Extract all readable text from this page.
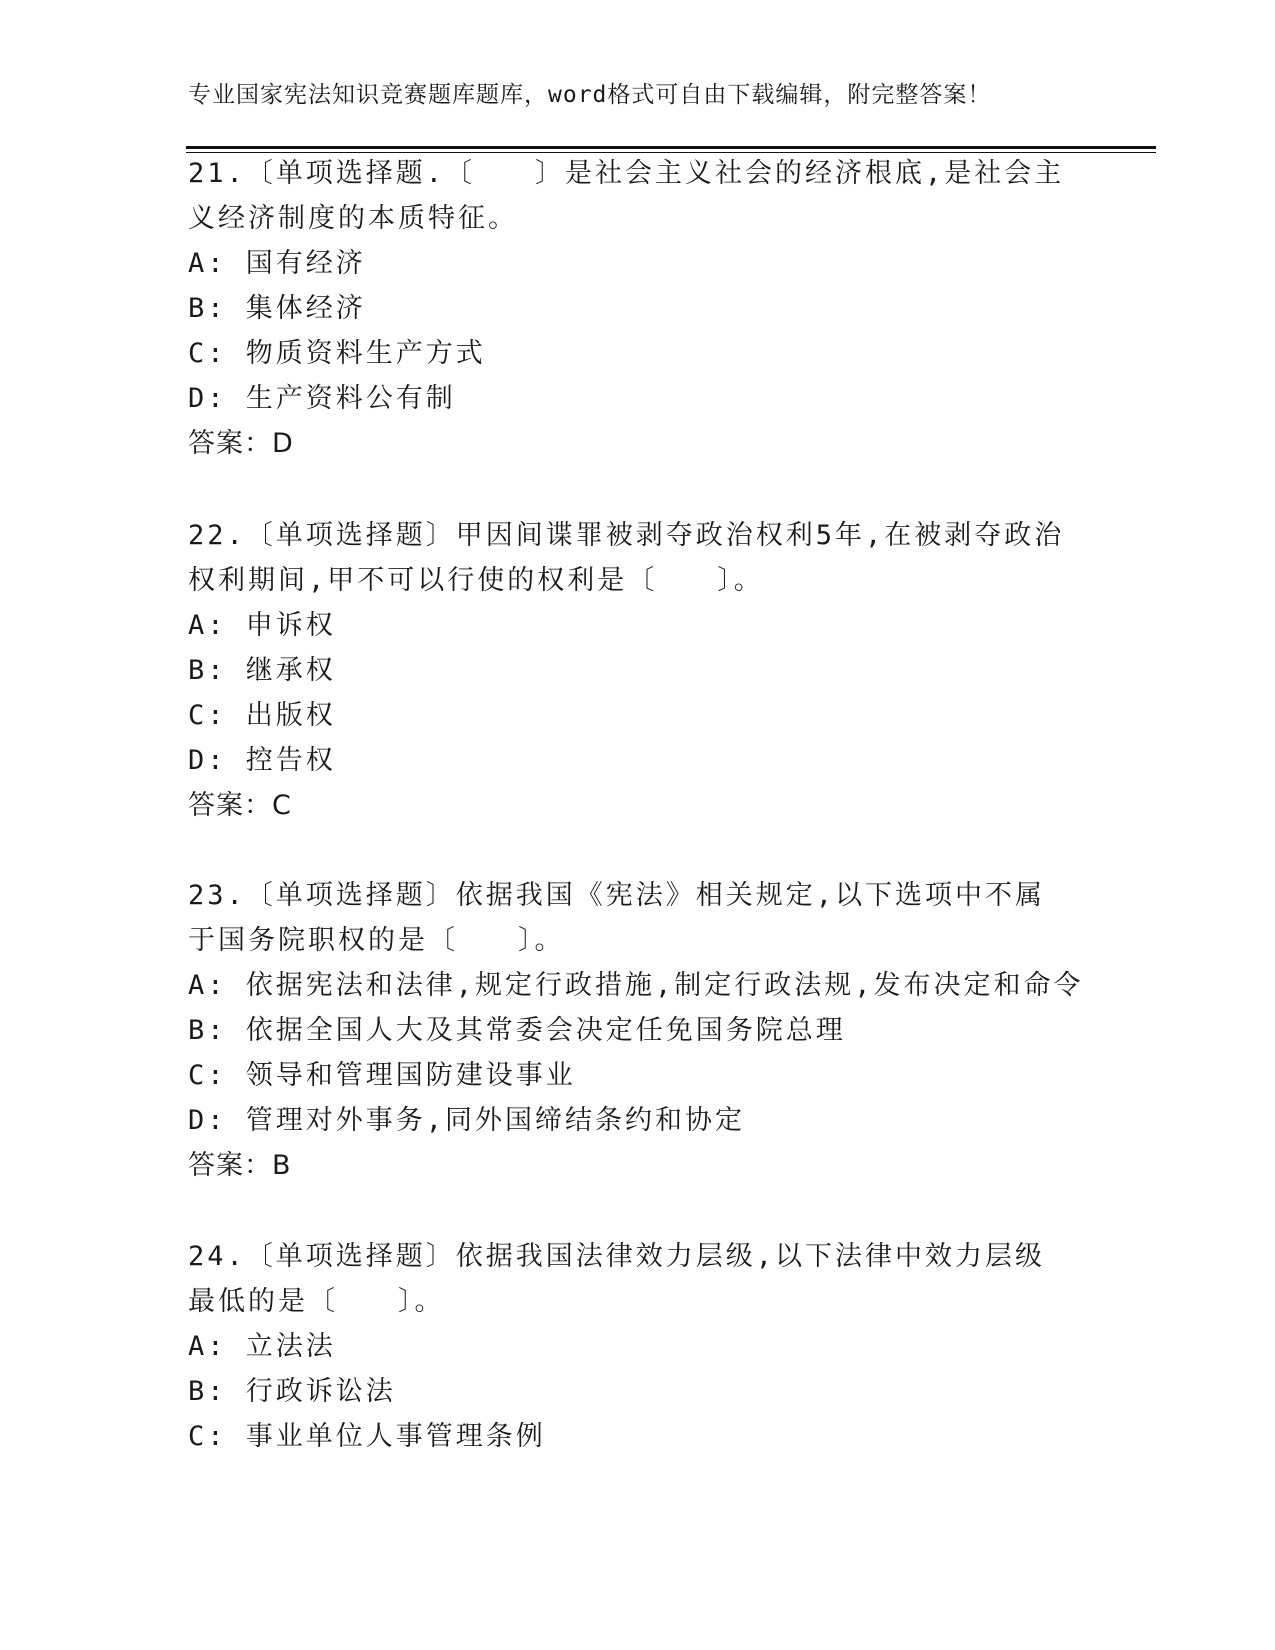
专业国家宪法知识竞赛题库题库，word格式可自由下载编辑，附完整答案！

21.〔单项选择题.〔　　〕是社会主义社会的经济根底,是社会主义经济制度的本质特征。

A: 国有经济
B: 集体经济
C: 物质资料生产方式
D: 生产资料公有制
答案：D

22.〔单项选择题〕甲因间谍罪被剥夺政治权利5年,在被剥夺政治权利期间,甲不可以行使的权利是〔　　〕。

A: 申诉权
B: 继承权
C: 出版权
D: 控告权
答案：C

23.〔单项选择题〕依据我国《宪法》相关规定,以下选项中不属于国务院职权的是〔　　〕。

A: 依据宪法和法律,规定行政措施,制定行政法规,发布决定和命令
B: 依据全国人大及其常委会决定任免国务院总理
C: 领导和管理国防建设事业
D: 管理对外事务,同外国缔结条约和协定
答案：B

24.〔单项选择题〕依据我国法律效力层级,以下法律中效力层级最低的是〔　　〕。

A: 立法法
B: 行政诉讼法
C: 事业单位人事管理条例
